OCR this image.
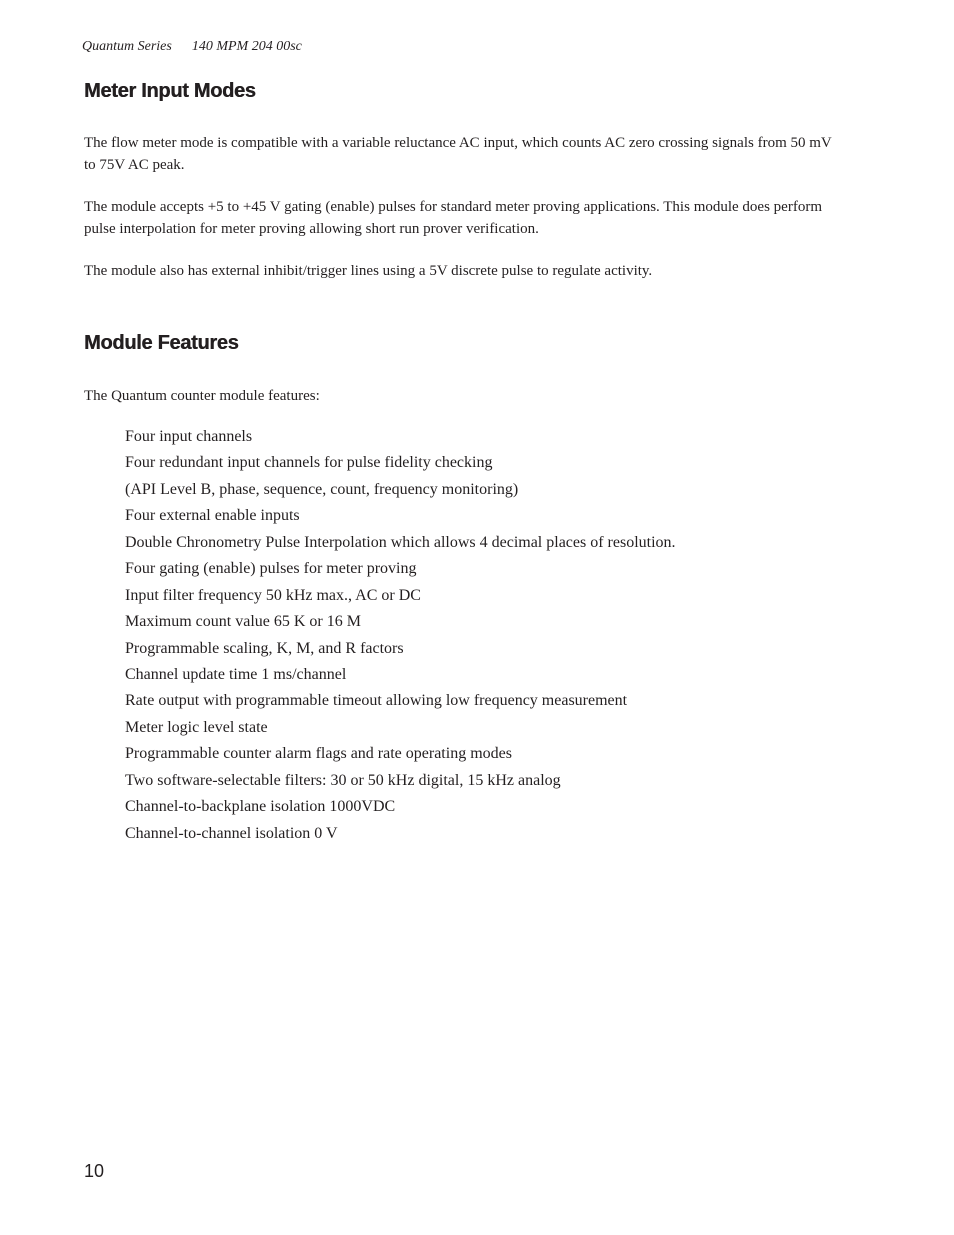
Quantum Series 140 MPM 204 00sc
Meter Input Modes

The flow meter mode is compatible with a variable reluctance AC input, which counts AC zero crossing signals from 50 mV to 75V AC peak.

The module accepts +5 to +45 V gating (enable) pulses for standard meter proving applications. This module does perform pulse interpolation for meter proving allowing short run prover verification.

The module also has external inhibit/trigger lines using a 5V discrete pulse to regulate activity.

Module Features

The Quantum counter module features:

Four input channels
Four redundant input channels for pulse fidelity checking
(API Level B, phase, sequence, count, frequency monitoring)
Four external enable inputs
Double Chronometry Pulse Interpolation which allows 4 decimal places of resolution.
Four gating (enable) pulses for meter proving
Input filter frequency 50 kHz max., AC or DC
Maximum count value 65 K or 16 M
Programmable scaling, K, M, and R factors
Channel update time 1 ms/channel
Rate output with programmable timeout allowing low frequency measurement
Meter logic level state
Programmable counter alarm flags and rate operating modes
Two software-selectable filters: 30 or 50 kHz digital, 15 kHz analog
Channel-to-backplane isolation 1000VDC
Channel-to-channel isolation 0 V
10
